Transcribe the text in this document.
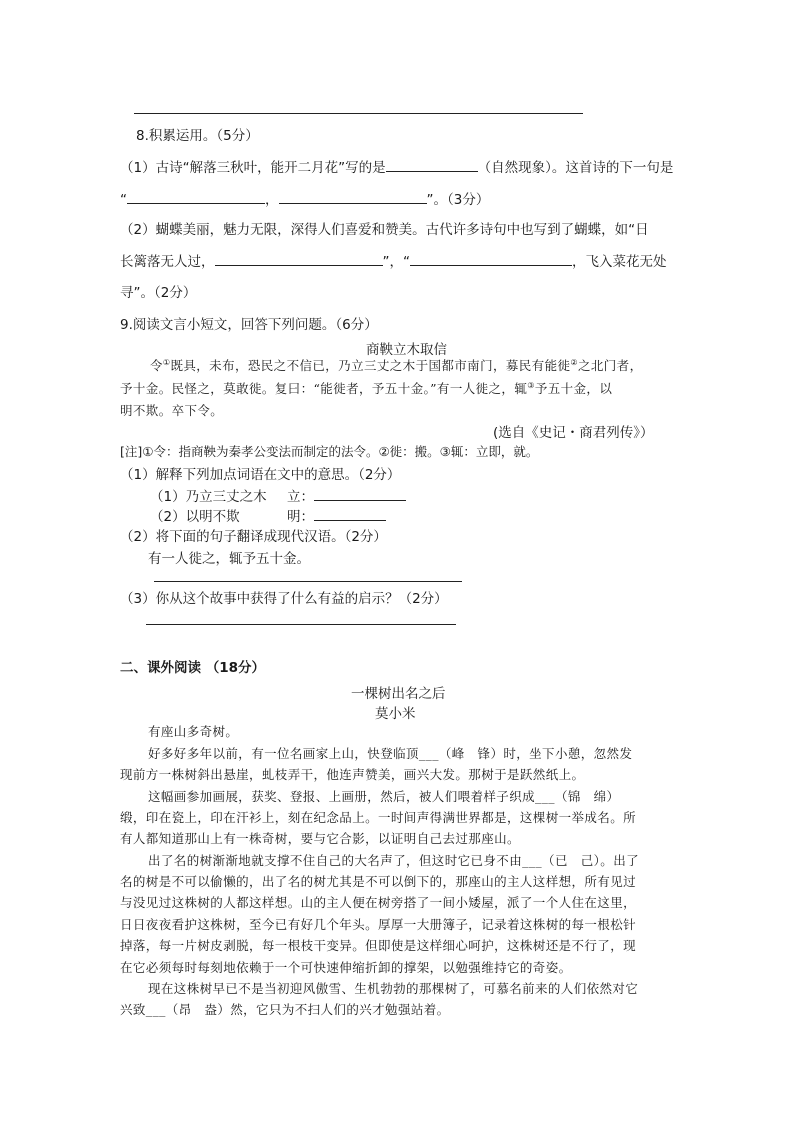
8.积累运用。（5分）
（1）古诗“解落三秋叶，能开二月花”写的是	（自然现象）。这首诗的下一句是
“	，	”。（3分）
（2）蝴蝶美丽，魅力无限，深得人们喜爱和赞美。古代许多诗句中也写到了蝴蝶，如“日
长篱落无人过，	”，“	，飞入菜花无处
寻”。（2分）
9.阅读文言小短文，回答下列问题。（6分）
商鞅立木取信
令①既具，未布，恐民之不信已，乃立三丈之木于国都市南门，募民有能徙②之北门者，
予十金。民怪之，莫敢徙。复曰：“能徙者，予五十金。”有一人徙之，辄③予五十金，以
明不欺。卒下令。
(选自《史记・商君列传》）
[注]①令：指商鞅为秦孝公变法而制定的法令。②徙：搬。③辄：立即，就。
（1）解释下列加点词语在文中的意思。（2分）
（1）乃立三丈之木 立：
（2）以明不欺	明：
（2）将下面的句子翻译成现代汉语。（2分）
有一人徙之，辄予五十金。
（3）你从这个故事中获得了什么有益的启示？（2分）
二、课外阅读 （18分）
一棵树出名之后
莫小米
有座山多奇树。
好多好多年以前，有一位名画家上山，快登临顶___（峰　锋）时，坐下小憩，忽然发
现前方一株树斜出悬崖，虬枝弄干，他连声赞美，画兴大发。那树于是跃然纸上。
这幅画参加画展，获奖、登报、上画册，然后，被人们喂着样子织成___（锦　绵）
缎，印在瓷上，印在汗衫上，刻在纪念品上。一时间声得满世界都是，这棵树一举成名。所
有人都知道那山上有一株奇树，要与它合影，以证明自己去过那座山。
出了名的树渐渐地就支撑不住自己的大名声了，但这时它已身不由___（已　己）。出了
名的树是不可以偷懒的，出了名的树尤其是不可以倒下的，那座山的主人这样想，所有见过
与没见过这株树的人都这样想。山的主人便在树旁搭了一间小矮屋，派了一个人住在这里，
日日夜夜看护这株树，至今已有好几个年头。厚厚一大册簿子，记录着这株树的每一根松针
掉落，每一片树皮剥脱，每一根枝干变异。但即使是这样细心呵护，这株树还是不行了，现
在它必须每时每刻地依赖于一个可快速伸缩折卸的撑架，以勉强维持它的奇姿。
现在这株树早已不是当初迎风傲雪、生机勃勃的那棵树了，可慕名前来的人们依然对它
兴致___（昂　盎）然，它只为不扫人们的兴才勉强站着。
